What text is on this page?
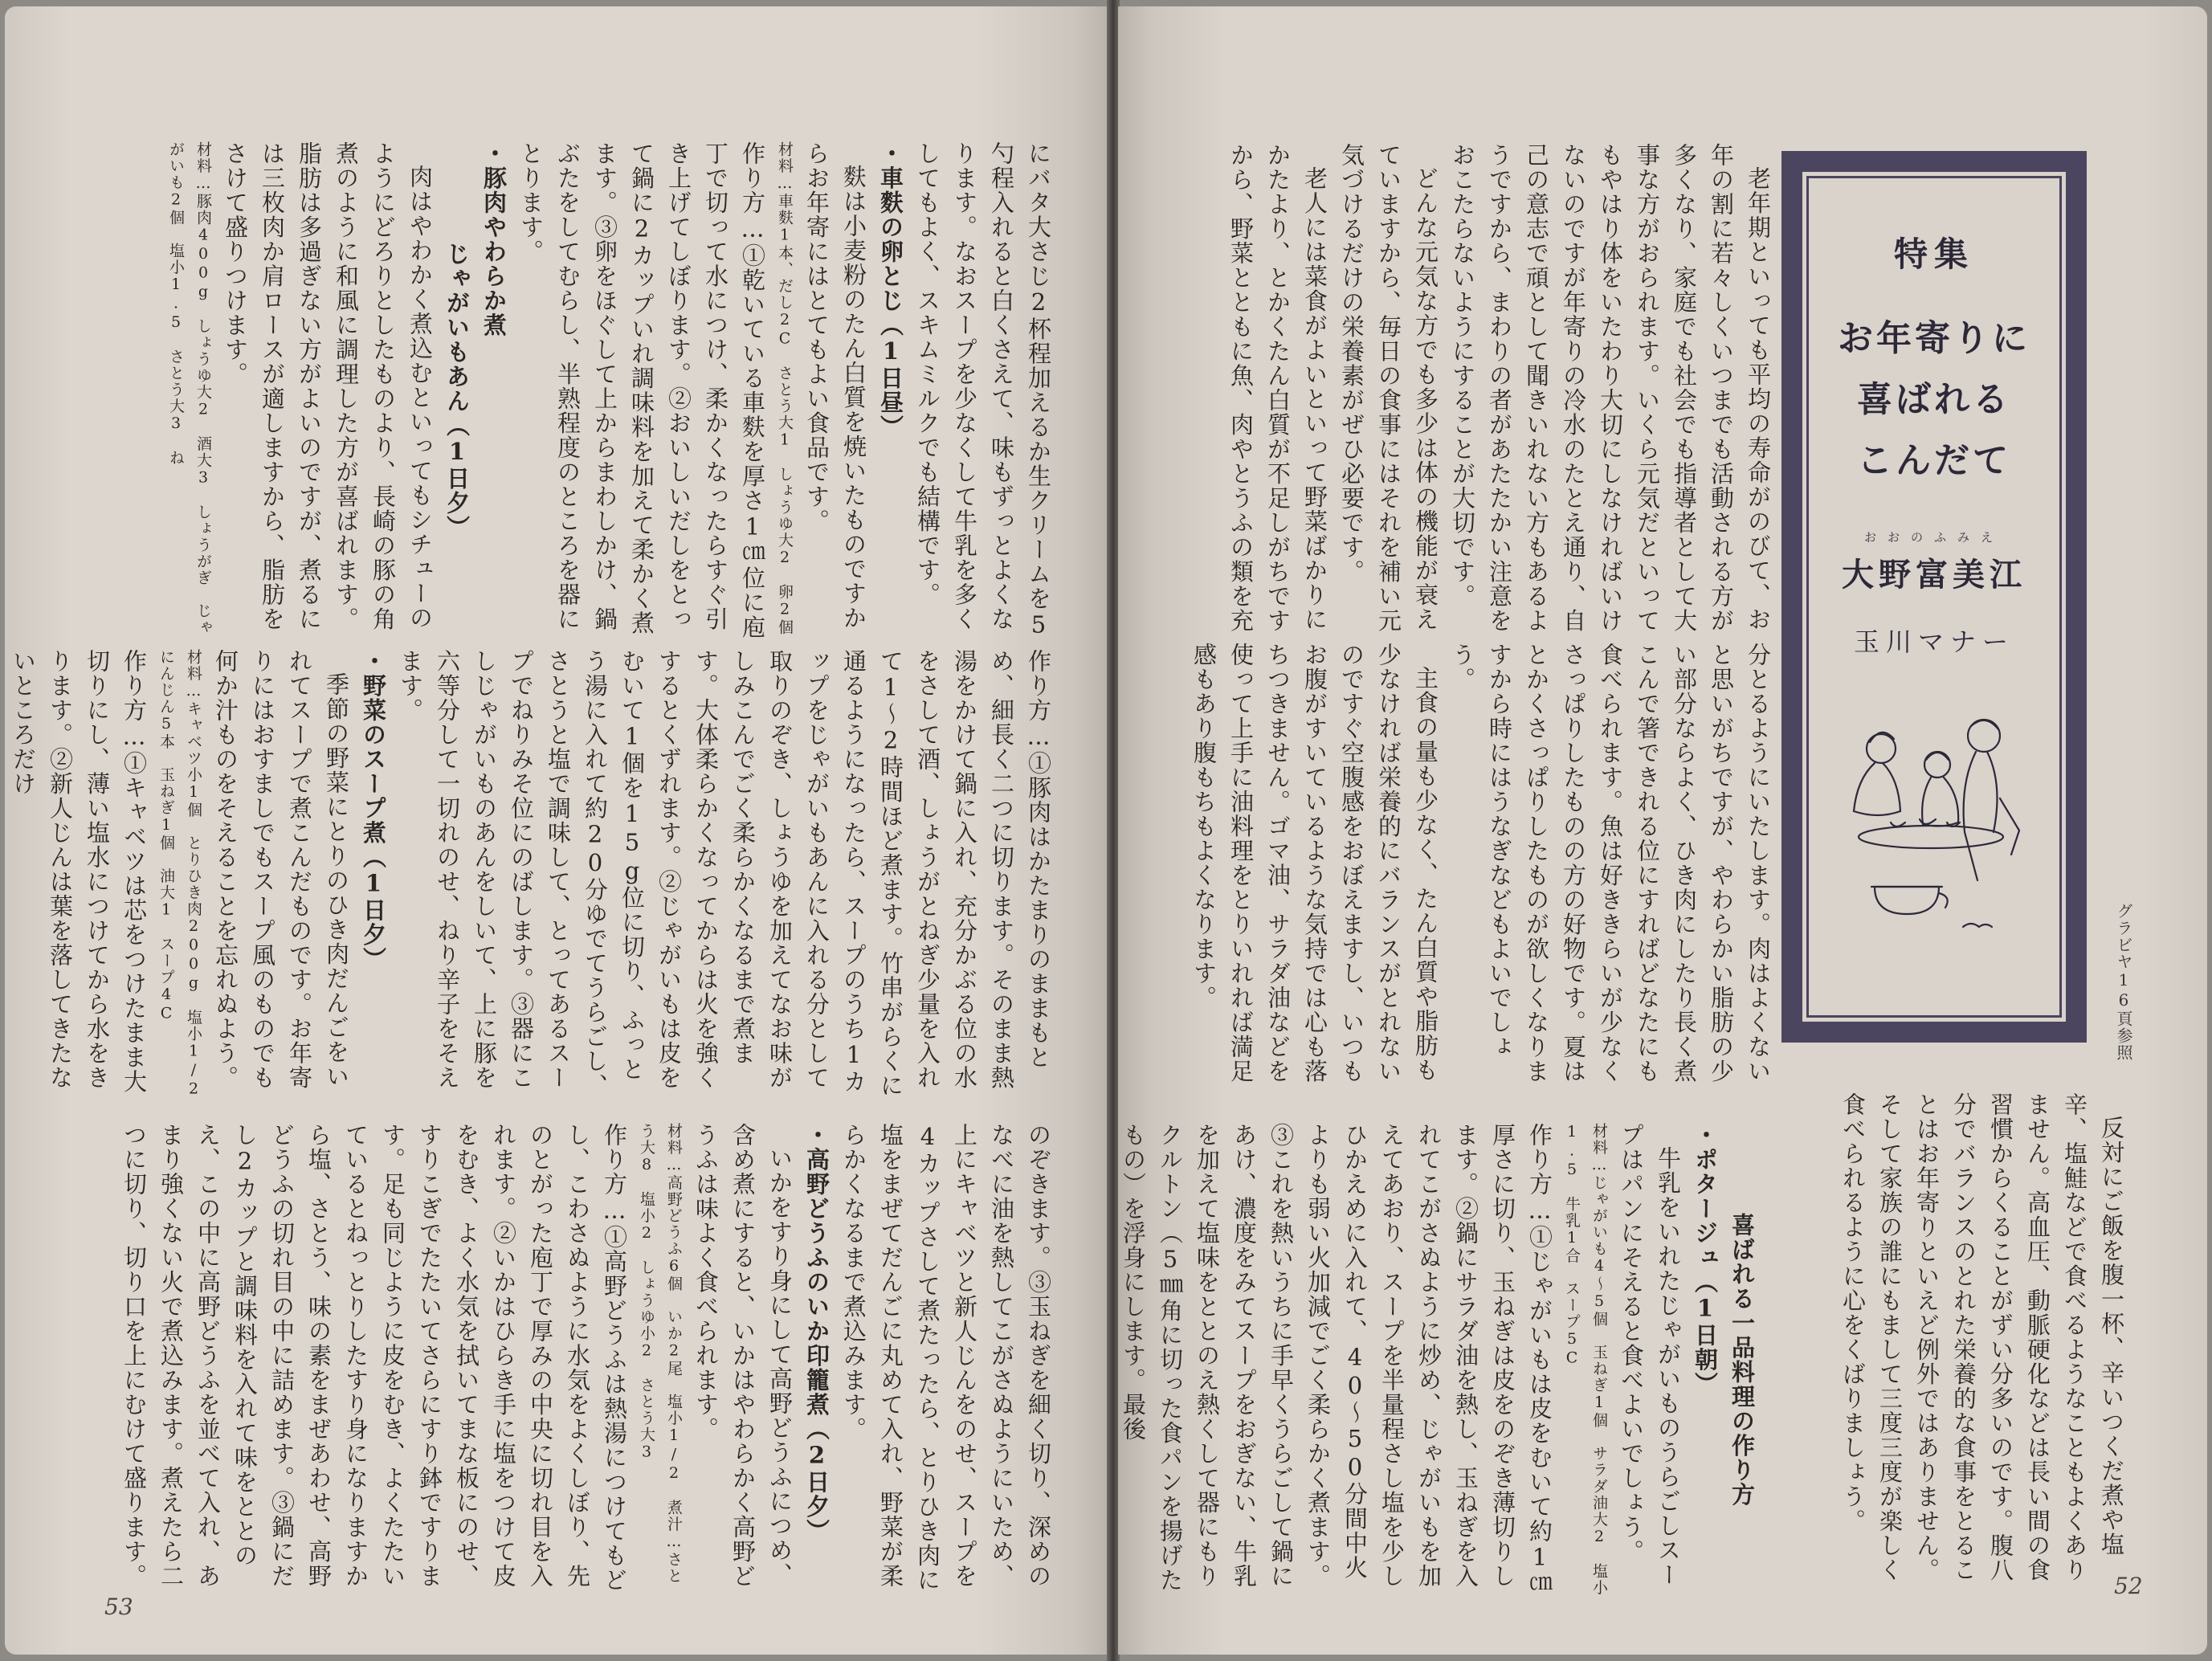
にバタ大さじ2杯程加えるか生クリームを5勺程入れると白くさえて、味もずっとよくなります。なおスープを少なくして牛乳を多くしてもよく、スキムミルクでも結構です。

・車麩の卵とじ（1日昼）

麩は小麦粉のたん白質を焼いたものですからお年寄にはとてもよい食品です。

材料…車麩1本、だし2C　さとう大1　しょうゆ大2　卵2個

作り方…①乾いている車麩を厚さ1㎝位に庖丁で切って水につけ、柔かくなったらすぐ引き上げてしぼります。②おいしいだしをとって鍋に2カップいれ調味料を加えて柔かく煮ます。③卵をほぐして上からまわしかけ、鍋ぶたをしてむらし、半熟程度のところを器にとります。

・豚肉やわらか煮

じゃがいもあん（1日夕）

肉はやわかく煮込むといってもシチューのようにどろりとしたものより、長崎の豚の角煮のように和風に調理した方が喜ばれます。脂肪は多過ぎない方がよいのですが、煮るには三枚肉か肩ロースが適しますから、脂肪をさけて盛りつけます。

材料…豚肉400g　しょうゆ大2　酒大3　しょうがぎ　じゃがいも2個　塩小1.5　さとう大3　ね

作り方…①豚肉はかたまりのままもとめ、細長く二つに切ります。そのまま熱湯をかけて鍋に入れ、充分かぶる位の水をさして酒、しょうがとねぎ少量を入れて1〜2時間ほど煮ます。竹串がらくに通るようになったら、スープのうち1カップをじゃがいもあんに入れる分として取りのぞき、しょうゆを加えてなお味がしみこんでごく柔らかくなるまで煮ます。大体柔らかくなってからは火を強くするとくずれます。②じゃがいもは皮をむいて1個を15g位に切り、ふっとう湯に入れて約20分ゆでてうらごし、さとうと塩で調味して、とってあるスープでねりみそ位にのばします。③器にこしじゃがいものあんをしいて、上に豚を六等分して一切れのせ、ねり辛子をそえます。

・野菜のスープ煮（1日夕）

季節の野菜にとりのひき肉だんごをいれてスープで煮こんだものです。お年寄りにはおすましでもスープ風のものでも何か汁ものをそえることを忘れぬよう。

材料…キャベツ小1個　とりひき肉200g　塩小1/2　にんじん5本　玉ねぎ1個　油大1　スープ4C

作り方…①キャベツは芯をつけたまま大切りにし、薄い塩水につけてから水をきります。②新人じんは葉を落してきたないところだけ

のぞきます。③玉ねぎを細く切り、深めのなべに油を熱してこがさぬようにいため、上にキャベツと新人じんをのせ、スープを4カップさして煮たったら、とりひき肉に塩をまぜてだんごに丸めて入れ、野菜が柔らかくなるまで煮込みます。

・高野どうふのいか印籠煮（2日夕）

いかをすり身にして高野どうふにつめ、含め煮にすると、いかはやわらかく高野どうふは味よく食べられます。

材料…高野どうふ6個　いか2尾　塩小1/2　煮汁…さとう大8　塩小2　しょうゆ小2　さとう大3

作り方…①高野どうふは熱湯につけてもどし、こわさぬように水気をよくしぼり、先のとがった庖丁で厚みの中央に切れ目を入れます。②いかはひらき手に塩をつけて皮をむき、よく水気を拭いてまな板にのせ、すりこぎでたたいてさらにすり鉢ですります。足も同じように皮をむき、よくたたいているとねっとりしたすり身になりますから塩、さとう、味の素をまぜあわせ、高野どうふの切れ目の中に詰めます。③鍋にだし2カップと調味料を入れて味をととのえ、この中に高野どうふを並べて入れ、あまり強くない火で煮込みます。煮えたら二つに切り、切り口を上にむけて盛ります。

53

老年期といっても平均の寿命がのびて、お年の割に若々しくいつまでも活動される方が多くなり、家庭でも社会でも指導者として大事な方がおられます。いくら元気だといってもやはり体をいたわり大切にしなければいけないのですが年寄りの冷水のたとえ通り、自己の意志で頑として聞きいれない方もあるようですから、まわりの者があたたかい注意をおこたらないようにすることが大切です。

どんな元気な方でも多少は体の機能が衰えていますから、毎日の食事にはそれを補い元気づけるだけの栄養素がぜひ必要です。

老人には菜食がよいといって野菜ばかりにかたより、とかくたん白質が不足しがちですから、野菜とともに魚、肉やとうふの類を充

分とるようにいたします。肉はよくないと思いがちですが、やわらかい脂肪の少い部分ならよく、ひき肉にしたり長く煮こんで箸できれる位にすればどなたにも食べられます。魚は好ききらいが少なくさっぱりしたものの方の好物です。夏はとかくさっぱりしたものが欲しくなりますから時にはうなぎなどもよいでしょう。

主食の量も少なく、たん白質や脂肪も少なければ栄養的にバランスがとれないのですぐ空腹感をおぼえますし、いつもお腹がすいているような気持では心も落ちつきません。ゴマ油、サラダ油などを使って上手に油料理をとりいれれば満足感もあり腹もちもよくなります。

喜ばれる一品料理の作り方

・ポタージュ（1日朝）

牛乳をいれたじゃがいものうらごしスープはパンにそえると食べよいでしょう。

材料…じゃがいも4〜5個　玉ねぎ1個　サラダ油大2　塩小1.5　牛乳1合　スープ5C

作り方…①じゃがいもは皮をむいて約1㎝厚さに切り、玉ねぎは皮をのぞき薄切りします。②鍋にサラダ油を熱し、玉ねぎを入れてこがさぬように炒め、じゃがいもを加えてあおり、スープを半量程さし塩を少しひかえめに入れて、40〜50分間中火よりも弱い火加減でごく柔らかく煮ます。③これを熱いうちに手早くうらごして鍋にあけ、濃度をみてスープをおぎない、牛乳を加えて塩味をととのえ熱くして器にもりクルトン（5㎜角に切った食パンを揚げたもの）を浮身にします。最後	反対にご飯を腹一杯、辛いつくだ煮や塩辛、塩鮭などで食べるようなこともよくありません。高血圧、動脈硬化などは長い間の食習慣からくることがずい分多いのです。腹八分でバランスのとれた栄養的な食事をとることはお年寄りといえど例外ではありません。そして家族の誰にもまして三度三度が楽しく食べられるように心をくばりましょう。

52
特集
お年寄りに
喜ばれる
こんだて
おおのふみえ
大野富美江
玉川マナー
グラビヤ16頁参照
